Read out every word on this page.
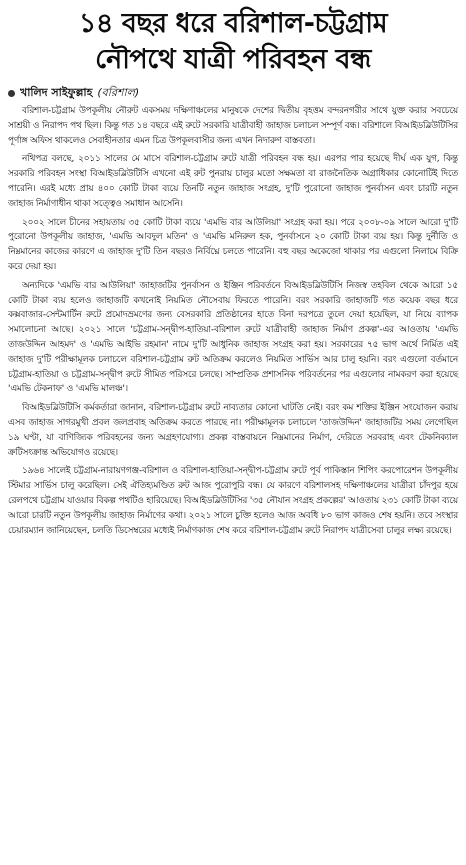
১৪ বছর ধরে বরিশাল-চট্টগ্রাম
নৌপথে যাত্রী পরিবহন বন্ধ
খালিদ সাইফুল্লাহ (বরিশাল)

বরিশাল-চট্টগ্রাম উপকূলীয় নৌরুট একসময় দক্ষিণাঞ্চলের মানুষকে দেশের দ্বিতীয় বৃহত্তম বন্দরনগরীর সাথে যুক্ত করার সবচেয়ে সাশ্রয়ী ও নিরাপদ পথ ছিল। কিন্তু গত ১৪ বছরে এই রুটে সরকারি যাত্রীবাহী জাহাজ চলাচল সম্পূর্ণ বন্ধ। বরিশালে বিআইডব্লিউটিসির পূর্ণাঙ্গ অফিস থাকলেও সেবাহীনতার এমন চিত্র উপকূলবাসীর জন্য এখন নিদারুণ বাস্তবতা।

নথিপত্র বলছে, ২০১১ সালের মে মাসে বরিশাল-চট্টগ্রাম রুটে যাত্রী পরিবহন বন্ধ হয়। এরপর পার হয়েছে দীর্ঘ এক যুগ, কিন্তু সরকারি পরিবহন সংস্থা বিআইডব্লিউটিসি এখনো এই রুট পুনরায় চালুর মতো সক্ষমতা বা রাজনৈতিক অগ্রাধিকার কোনোটিই দিতে পারেনি। এরই মধ্যে প্রায় ৪০০ কোটি টাকা ব্যয়ে তিনটি নতুন জাহাজ সংগ্রহ, দু'টি পুরোনো জাহাজ পুনর্বাসন এবং চারটি নতুন জাহাজ নির্মাণাধীন থাকা সত্ত্বেও সমাধান আসেনি।

২০০২ সালে চীনের সহায়তায় ৩৫ কোটি টাকা ব্যয়ে 'এমভি বার আউলিয়া' সংগ্রহ করা হয়। পরে ২০০৮-০৯ সালে আরো দু'টি পুরোনো উপকূলীয় জাহাজ, 'এমভি আবদুল মতিন' ও 'এমভি মনিরুল হক, পুনর্বাসনে ২০ কোটি টাকা ব্যয় হয়। কিন্তু দুর্নীতি ও নিম্নমানের কাজের কারণে এ জাহাজ দু'টি তিন বছরও নির্বিঘ্নে চলতে পারেনি। বহু বছর অকেজো থাকার পর এগুলো নিলামে বিক্রি করে দেয়া হয়।

অন্যদিকে 'এমভি বার আউলিয়া' জাহাজটির পুনর্বাসন ও ইঞ্জিন পরিবর্তনে বিআইডব্লিউটিসি নিজস্ব তহবিল থেকে আরো ১৫ কোটি টাকা ব্যয় হলেও জাহাজটি কখনোই নিয়মিত নৌসেবায় ফিরতে পারেনি। বরং সরকারি জাহাজটি গত কয়েক বছর ধরে কক্সবাজার-সেন্টমার্টিন রুটে প্রমোদভ্রমণের জন্য বেসরকারি প্রতিষ্ঠানের হাতে বিনা দরপত্রে তুলে দেয়া হয়েছিল, যা নিয়ে ব্যাপক সমালোচনা আছে। ২০২১ সালে 'চট্টগ্রাম-সন্দ্বীপ-হাতিয়া-বরিশাল রুটে যাত্রীবাহী জাহাজ নির্মাণ প্রকল্প'-এর আওতায় 'এমভি তাজউদ্দিন আহমদ' ও 'এমভি আইভি রহমান' নামে দু'টি আধুনিক জাহাজ সংগ্রহ করা হয়। সরকারের ৭৫ ভাগ অর্থে নির্মিত এই জাহাজ দু'টি পরীক্ষামূলক চলাচলে বরিশাল-চট্টগ্রাম রুট অতিক্রম করলেও নিয়মিত সার্ভিস আর চালু হয়নি। বরং এগুলো বর্তমানে চট্টগ্রাম-হাতিয়া ও চট্টগ্রাম-সন্দ্বীপ রুটে সীমিত পরিসরে চলছে। সাম্প্রতিক প্রশাসনিক পরিবর্তনের পর এগুলোর নামকরণ করা হয়েছে 'এমভি টেকনাফ' ও 'এমভি মালঞ্চ'।

বিআইডব্লিউটিসি কর্মকর্তারা জানান, বরিশাল-চট্টগ্রাম রুটে নাব্যতার কোনো ঘাটতি নেই। বরং কম শক্তির ইঞ্জিন সংযোজন করায় এসব জাহাজ সাগরমুখী প্রবল জলপ্রবাহ অতিক্রম করতে পারছে না। পরীক্ষামূলক চলাচলে 'তাজউদ্দিন' জাহাজটির সময় লেগেছিল ১৯ ঘণ্টা, যা বাণিজ্যিক পরিবহনের জন্য অগ্রহণযোগ্য। প্রকল্প বাস্তবায়নে নিম্নমানের নির্মাণ, দেরিতে সরবরাহ এবং টেকনিক্যাল ক্রটিসংক্রান্ত অভিযোগও রয়েছে।

১৯৬৪ সালেই চট্টগ্রাম-নারায়ণগঞ্জ-বরিশাল ও বরিশাল-হাতিয়া-সন্দ্বীপ-চট্টগ্রাম রুটে পূর্ব পাকিস্তান শিপিং করপোরেশন উপকূলীয় স্টিমার সার্ভিস চালু করেছিল। সেই ঐতিহ্যমণ্ডিত রুট আজ পুরোপুরি বন্ধ। যে কারণে বরিশালসহ দক্ষিণাঞ্চলের যাত্রীরা চাঁদপুর হয়ে রেলপথে চট্টগ্রাম যাওয়ার বিকল্প পথটিও হারিয়েছে। বিআইডব্লিউটিসির '৩৫ নৌযান সংগ্রহ প্রকল্পের' আওতায় ২৩১ কোটি টাকা ব্যয়ে আরো চারটি নতুন উপকূলীয় জাহাজ নির্মাণের কথা। ২০২১ সালে চুক্তি হলেও আজ অবধি ৮০ ভাগ কাজও শেষ হয়নি। তবে সংস্থার চেয়ারম্যান জানিয়েছেন, চলতি ডিসেম্বরের মধ্যেই নির্মাণকাজ শেষ করে বরিশাল-চট্টগ্রাম রুটে নিরাপদ যাত্রীসেবা চালুর লক্ষ্য রয়েছে।
